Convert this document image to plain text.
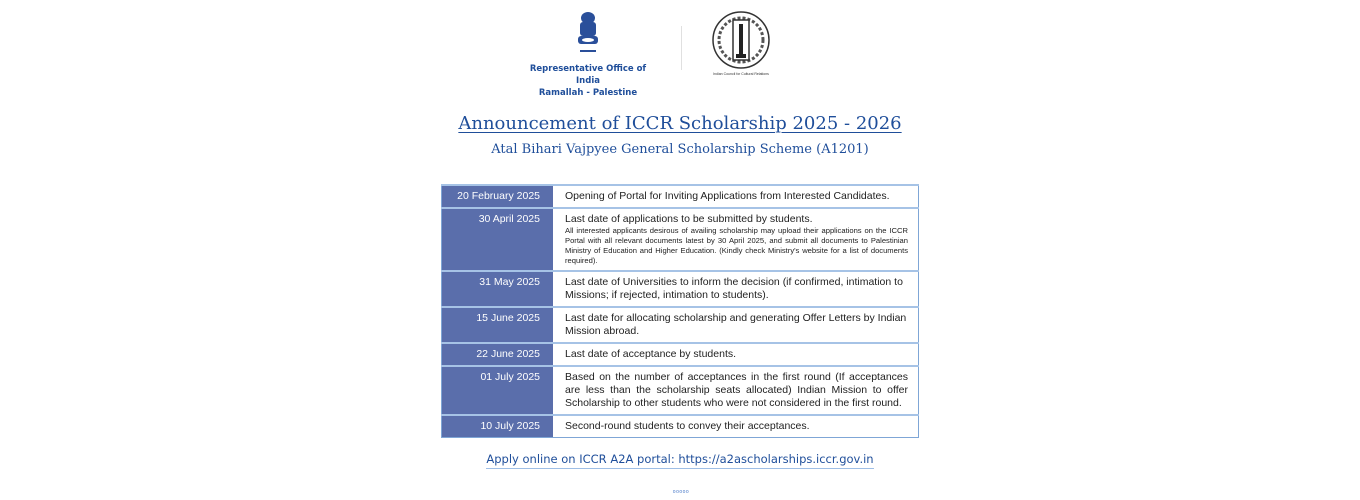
Representative Office of India
Ramallah - Palestine
Indian Council for Cultural Relations
Announcement of ICCR Scholarship 2025 - 2026
Atal Bihari Vajpyee General Scholarship Scheme (A1201)
20 February 2025	Opening of Portal for Inviting Applications from Interested Candidates.
30 April 2025	Last date of applications to be submitted by students.
All interested applicants desirous of availing scholarship may upload their applications on the ICCR Portal with all relevant documents latest by 30 April 2025, and submit all documents to Palestinian Ministry of Education and Higher Education. (Kindly check Ministry's website for a list of documents required).

31 May 2025	Last date of Universities to inform the decision (if confirmed, intimation to Missions; if rejected, intimation to students).
15 June 2025	Last date for allocating scholarship and generating Offer Letters by Indian Mission abroad.
22 June 2025	Last date of acceptance by students.
01 July 2025	Based on the number of acceptances in the first round (If acceptances are less than the scholarship seats allocated) Indian Mission to offer Scholarship to other students who were not considered in the first round.
10 July 2025	Second-round students to convey their acceptances.
Apply online on ICCR A2A portal: https://a2ascholarships.iccr.gov.in
ooooo
